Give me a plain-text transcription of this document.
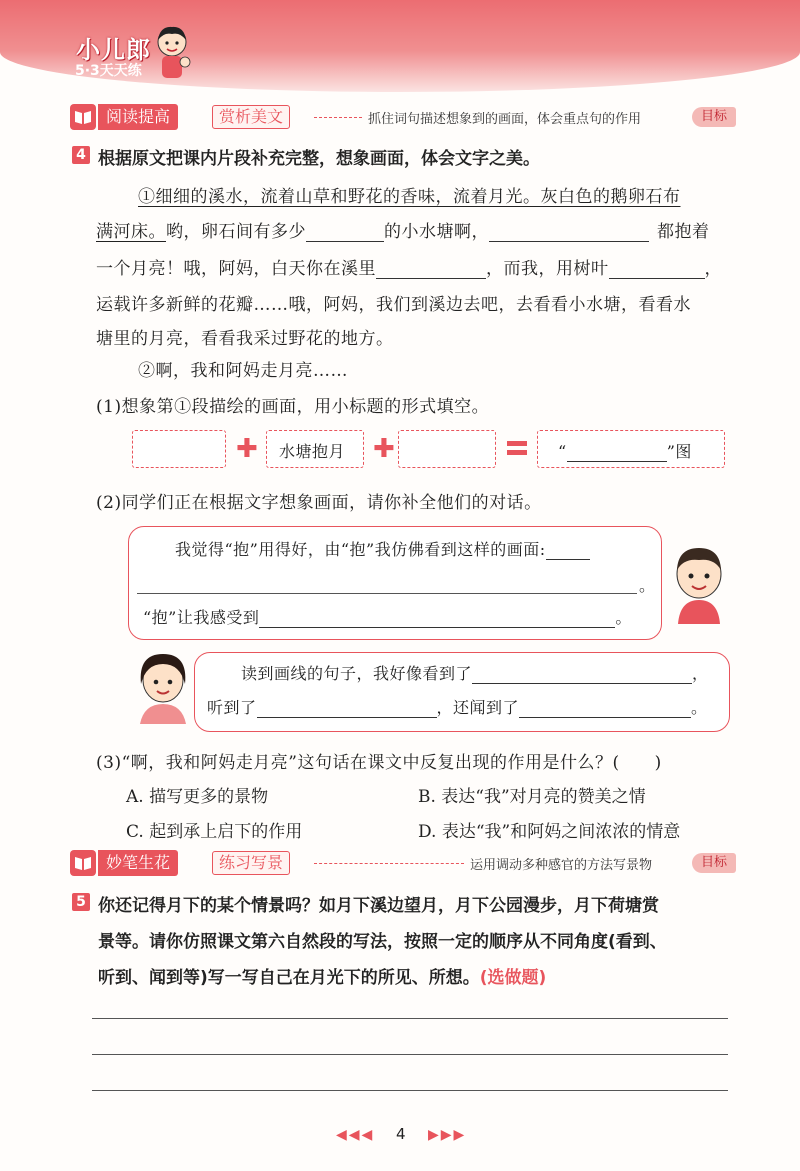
小儿郎
5·3天天练
阅读提高	赏析美文	抓住词句描述想象到的画面，体会重点句的作用	目标
4 根据原文把课内片段补充完整，想象画面，体会文字之美。
①细细的溪水，流着山草和野花的香味，流着月光。灰白色的鹅卵石布
满河床。哟，卵石间有多少	的小水塘啊，	都抱着
一个月亮！哦，阿妈，白天你在溪里	，而我，用树叶	，
运载许多新鲜的花瓣……哦，阿妈，我们到溪边去吧，去看看小水塘，看看水
塘里的月亮，看看我采过野花的地方。
②啊，我和阿妈走月亮……
(1)想象第①段描绘的画面，用小标题的形式填空。
✚ 水塘抱月 ✚	“	”图
(2)同学们正在根据文字想象画面，请你补全他们的对话。
我觉得“抱”用得好，由“抱”我仿佛看到这样的画面:
。
“抱”让我感受到	。
读到画线的句子，我好像看到了	，
听到了	，还闻到了	。
(3)“啊，我和阿妈走月亮”这句话在课文中反复出现的作用是什么？(　　)
A. 描写更多的景物	B. 表达“我”对月亮的赞美之情
C. 起到承上启下的作用	D. 表达“我”和阿妈之间浓浓的情意
妙笔生花	练习写景	运用调动多种感官的方法写景物	目标
5 你还记得月下的某个情景吗？如月下溪边望月，月下公园漫步，月下荷塘赏
景等。请你仿照课文第六自然段的写法，按照一定的顺序从不同角度(看到、
听到、闻到等)写一写自己在月光下的所见、所想。(选做题)
◀◀◀ 4 ▶▶▶
